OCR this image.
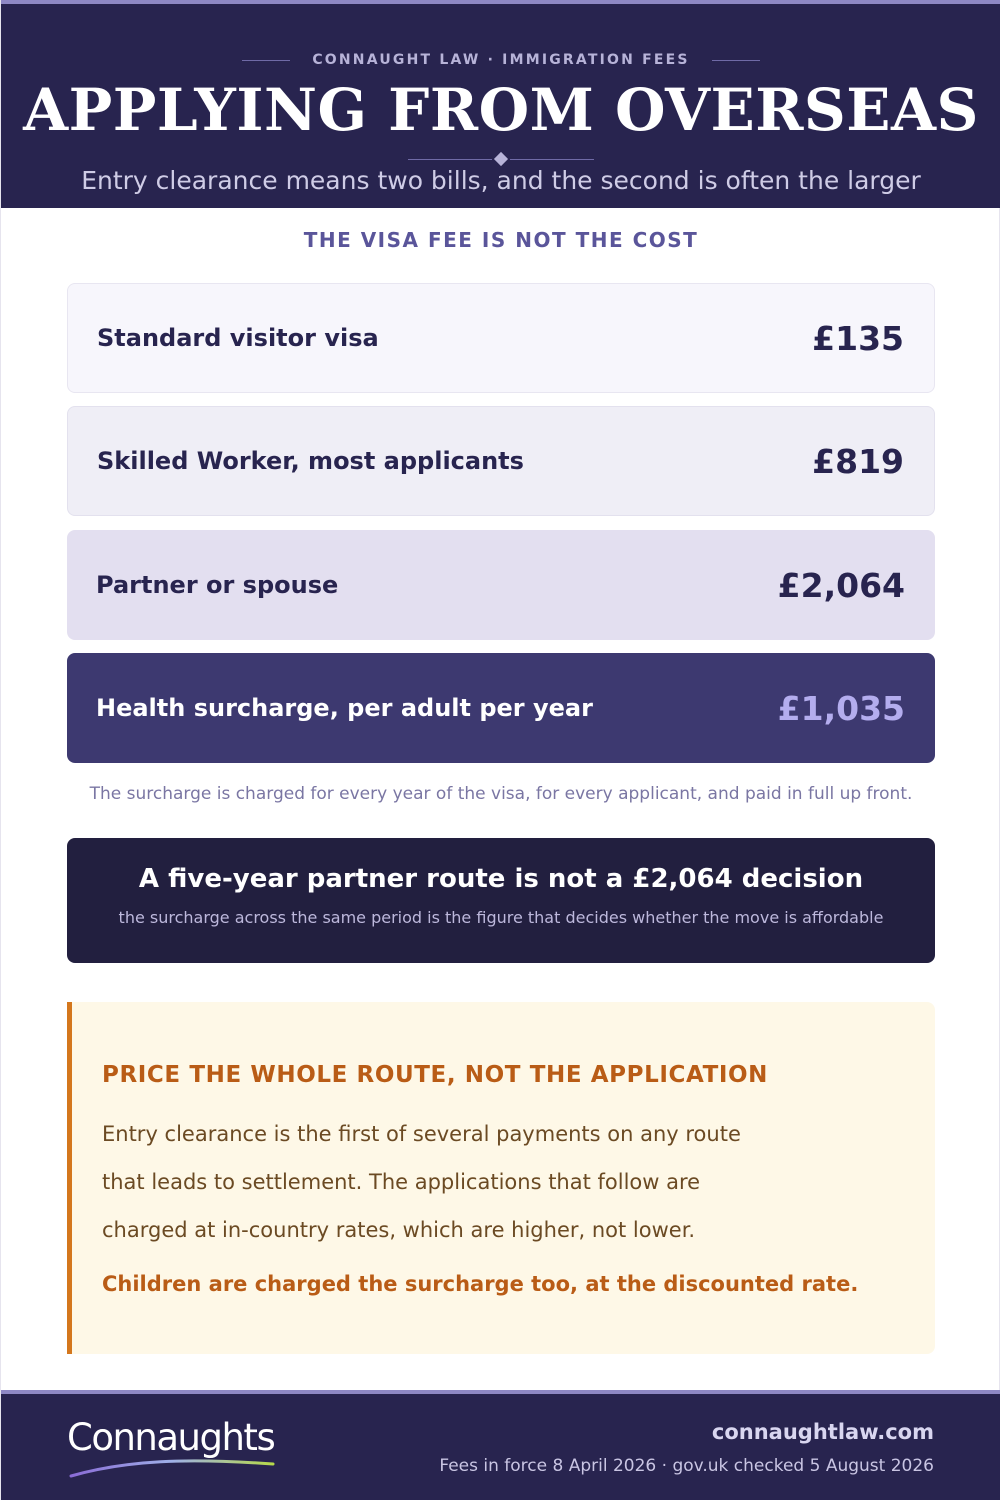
CONNAUGHT LAW · IMMIGRATION FEES
APPLYING FROM OVERSEAS
Entry clearance means two bills, and the second is often the larger
THE VISA FEE IS NOT THE COST
Standard visitor visa	£135
Skilled Worker, most applicants	£819
Partner or spouse	£2,064
Health surcharge, per adult per year	£1,035

The surcharge is charged for every year of the visa, for every applicant, and paid in full up front.

A five-year partner route is not a £2,064 decision
the surcharge across the same period is the figure that decides whether the move is affordable
PRICE THE WHOLE ROUTE, NOT THE APPLICATION
Entry clearance is the first of several payments on any route
that leads to settlement. The applications that follow are
charged at in-country rates, which are higher, not lower.
Children are charged the surcharge too, at the discounted rate.
Connaughts	connaughtlaw.com
Fees in force 8 April 2026 · gov.uk checked 5 August 2026
